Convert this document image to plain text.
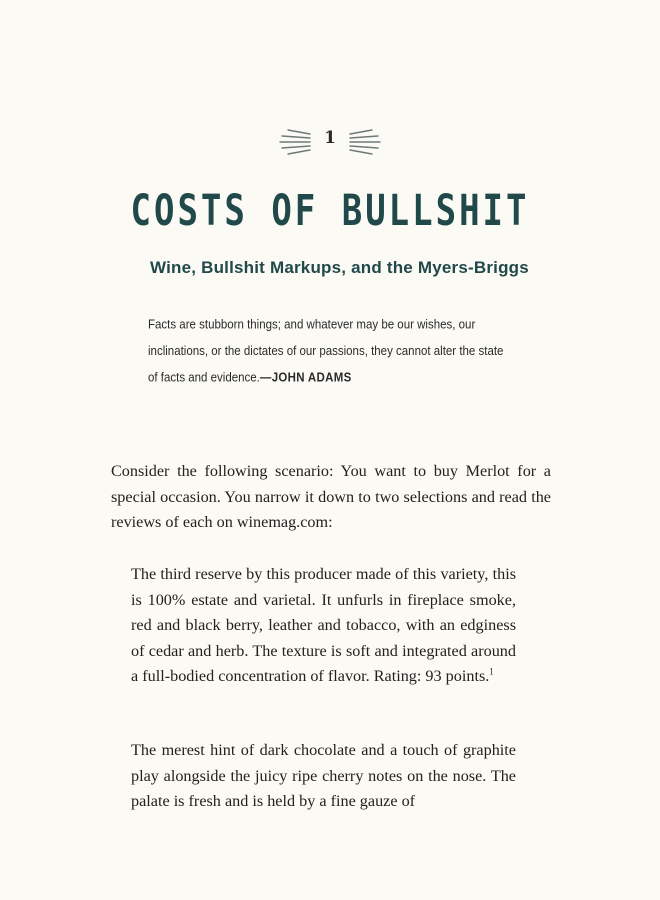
1
COSTS OF BULLSHIT
Wine, Bullshit Markups, and the Myers-Briggs
Facts are stubborn things; and whatever may be our wishes, our inclinations, or the dictates of our passions, they cannot alter the state of facts and evidence.—JOHN ADAMS

Consider the following scenario: You want to buy Merlot for a special occasion. You narrow it down to two selections and read the reviews of each on winemag.com:

The third reserve by this producer made of this variety, this is 100% estate and varietal. It unfurls in fireplace smoke, red and black berry, leather and tobacco, with an edginess of cedar and herb. The texture is soft and integrated around a full-bodied concentration of flavor. Rating: 93 points.$^1$

The merest hint of dark chocolate and a touch of graphite play alongside the juicy ripe cherry notes on the nose. The palate is fresh and is held by a fine gauze of
